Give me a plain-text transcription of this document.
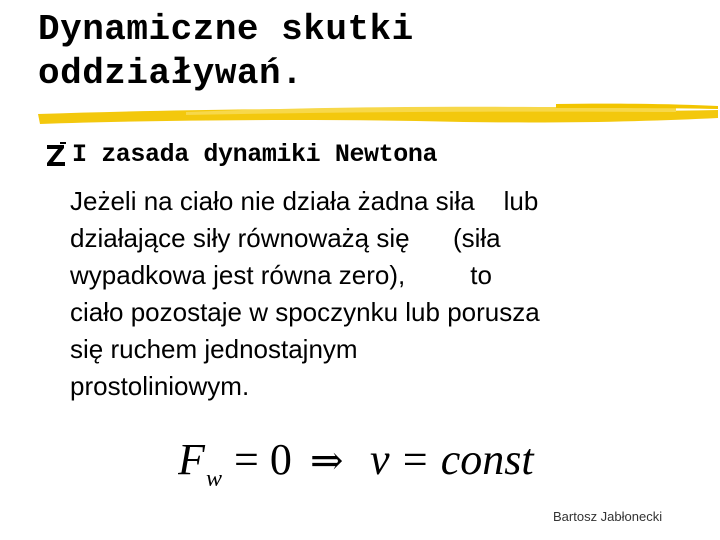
Dynamiczne skutki
oddziaływań.
I zasada dynamiki Newtona
Jeżeli na ciało nie działa żadna siła    lub
działające siły równoważą się      (siła
wypadkowa jest równa zero),         to
ciało pozostaje w spoczynku lub porusza
się ruchem jednostajnym
prostoliniowym.
F w = 0 ⇒ v = const
Bartosz Jabłonecki
